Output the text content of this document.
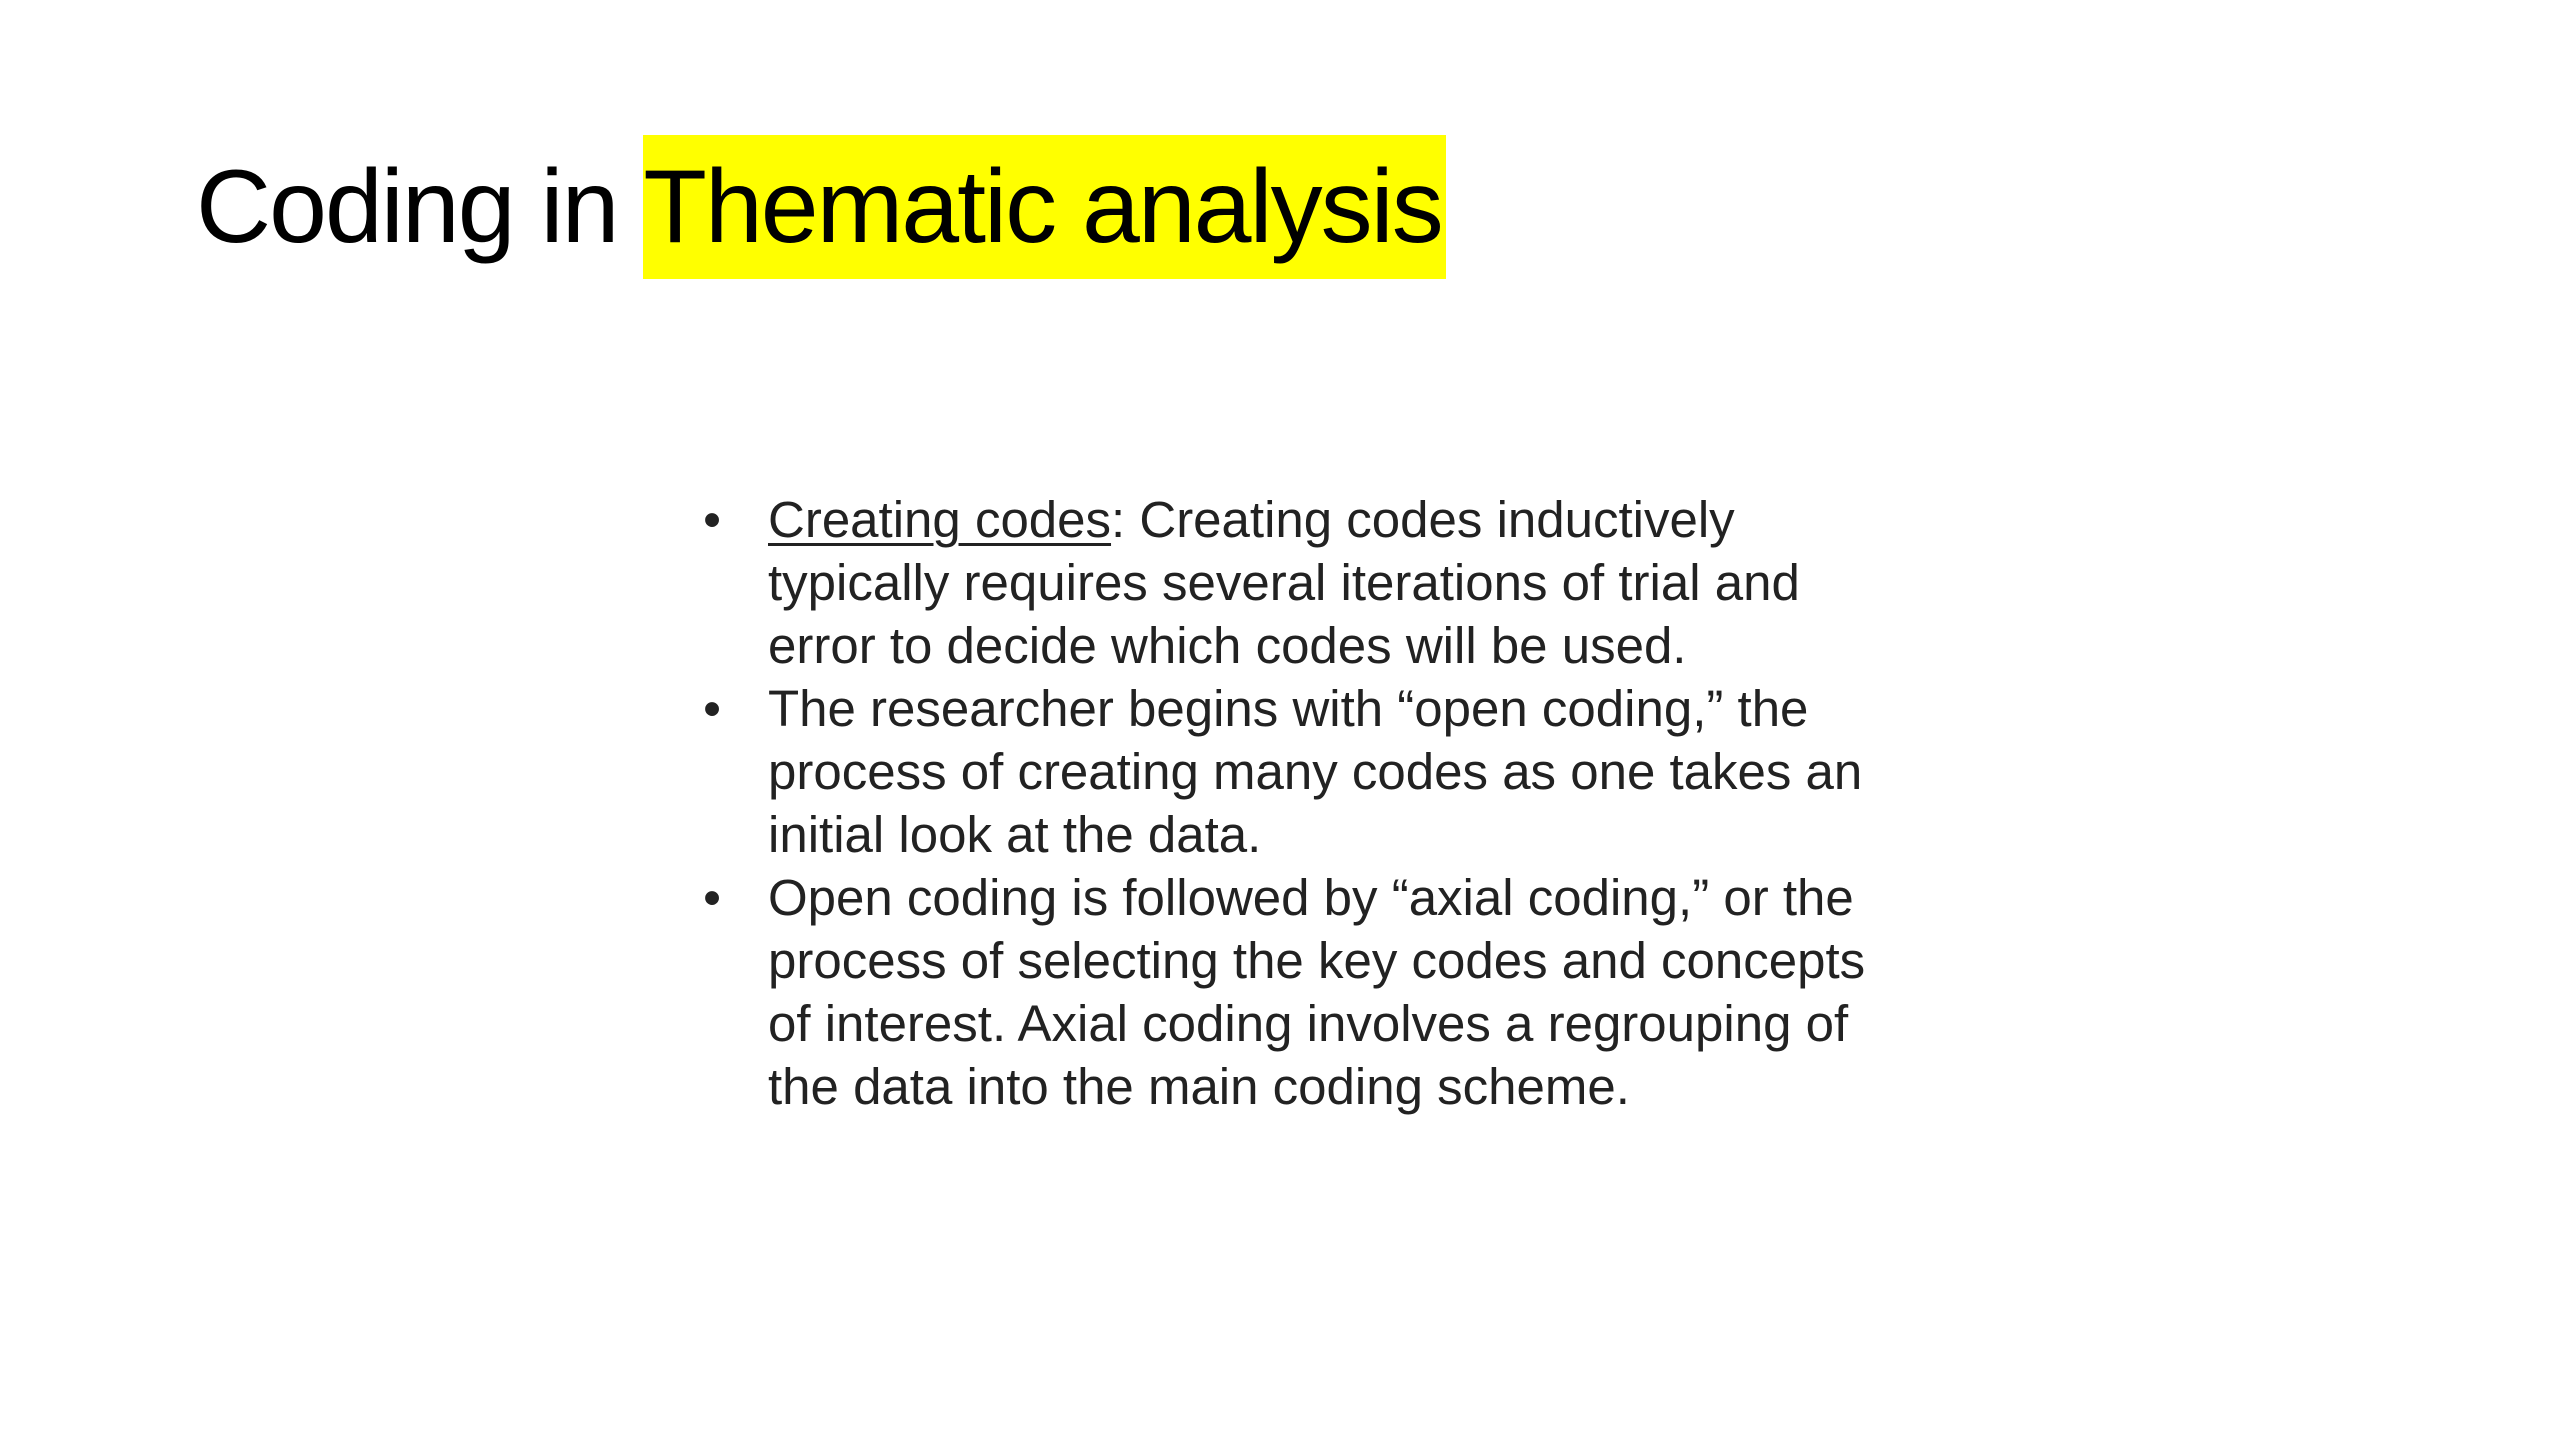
Coding in Thematic analysis
• Creating codes: Creating codes inductively typically requires several iterations of trial and error to decide which codes will be used.
• The researcher begins with “open coding,” the process of creating many codes as one takes an initial look at the data.
• Open coding is followed by “axial coding,” or the process of selecting the key codes and concepts of interest. Axial coding involves a regrouping of the data into the main coding scheme.
